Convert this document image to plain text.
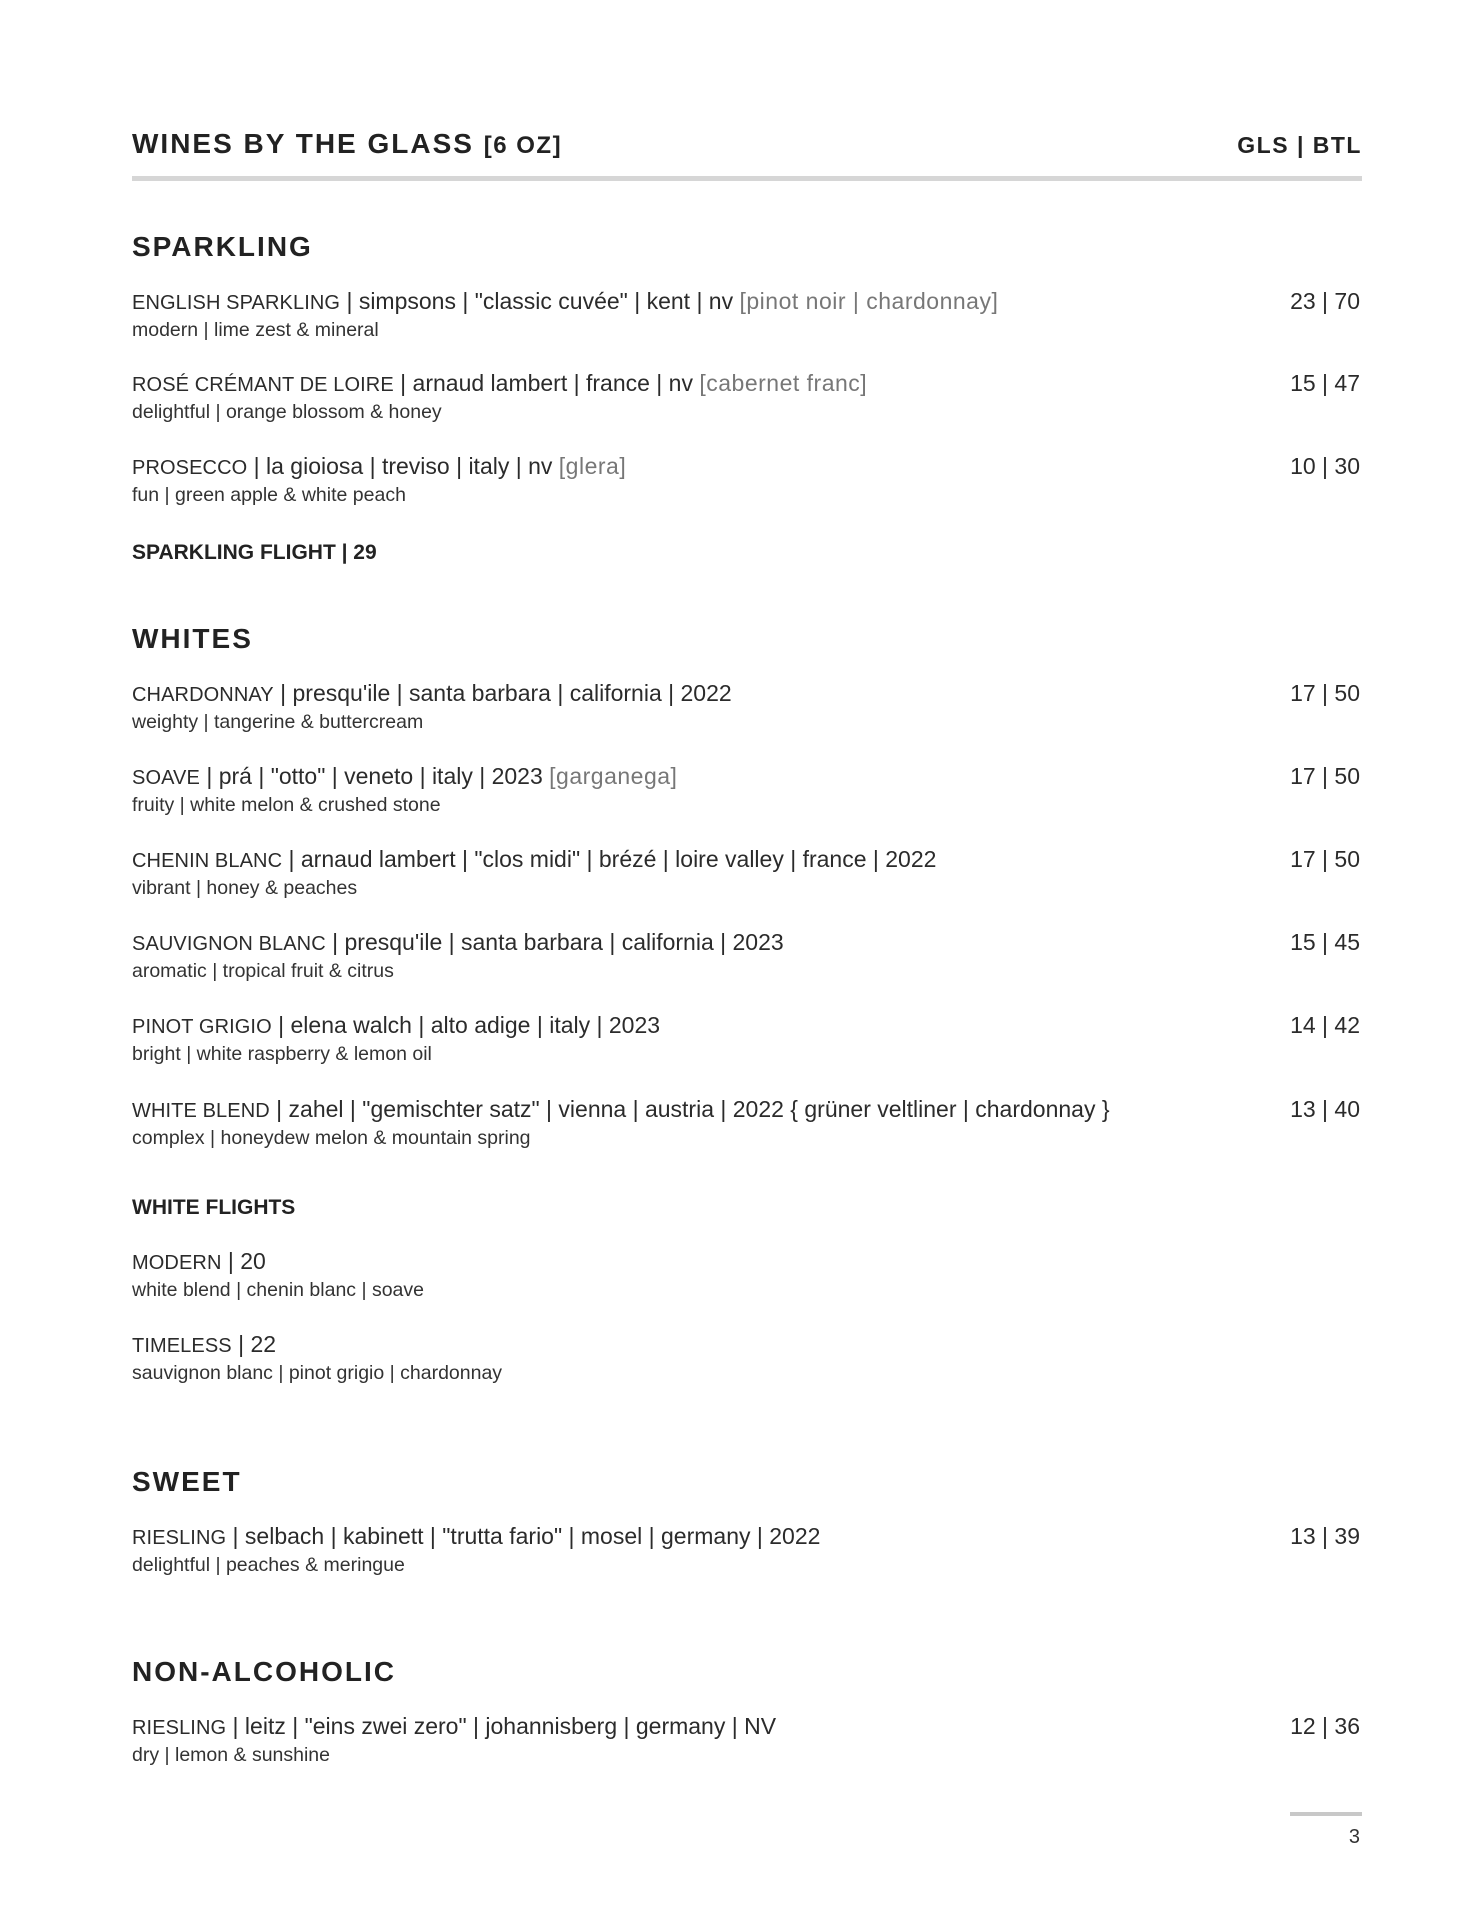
WINES BY THE GLASS [6 OZ]	GLS | BTL
SPARKLING
ENGLISH SPARKLING | simpsons | "classic cuvée" | kent | nv [pinot noir | chardonnay]
modern | lime zest & mineral
23 | 70
ROSÉ CRÉMANT DE LOIRE | arnaud lambert | france | nv [cabernet franc]
delightful | orange blossom & honey
15 | 47
PROSECCO | la gioiosa | treviso | italy | nv [glera]
fun | green apple & white peach
10 | 30
SPARKLING FLIGHT | 29
WHITES
CHARDONNAY | presqu'ile | santa barbara | california | 2022
weighty | tangerine & buttercream
17 | 50
SOAVE | prá | "otto" | veneto | italy | 2023 [garganega]
fruity | white melon & crushed stone
17 | 50
CHENIN BLANC | arnaud lambert | "clos midi" | brézé | loire valley | france | 2022
vibrant | honey & peaches
17 | 50
SAUVIGNON BLANC | presqu'ile | santa barbara | california | 2023
aromatic | tropical fruit & citrus
15 | 45
PINOT GRIGIO | elena walch | alto adige | italy | 2023
bright | white raspberry & lemon oil
14 | 42
WHITE BLEND | zahel | "gemischter satz" | vienna | austria | 2022 { grüner veltliner | chardonnay }
complex | honeydew melon & mountain spring
13 | 40
WHITE FLIGHTS
MODERN | 20
white blend | chenin blanc | soave
TIMELESS | 22
sauvignon blanc | pinot grigio | chardonnay
SWEET
RIESLING | selbach | kabinett | "trutta fario" | mosel | germany | 2022
delightful | peaches & meringue
13 | 39
NON-ALCOHOLIC
RIESLING | leitz | "eins zwei zero" | johannisberg | germany | NV
dry | lemon & sunshine
12 | 36
3
